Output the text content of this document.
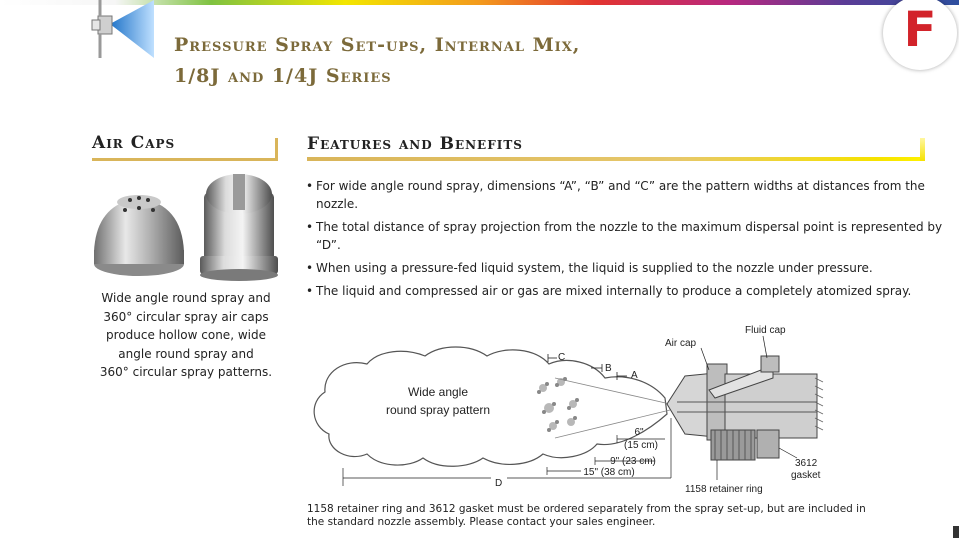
Pressure Spray Set-ups, Internal Mix,
1/8J and 1/4J Series
F
Air Caps
Wide angle round spray and
360° circular spray air caps
produce hollow cone, wide
angle round spray and
360° circular spray patterns.
Features and Benefits
• For wide angle round spray, dimensions “A”, “B” and “C” are the pattern widths at distances from the nozzle.
• The total distance of spray projection from the nozzle to the maximum dispersal point is represented by “D”.
• When using a pressure-fed liquid system, the liquid is supplied to the nozzle under pressure.
• The liquid and compressed air or gas are mixed internally to produce a completely atomized spray.
Wide angle
round spray pattern
C
B
A
Air cap
Fluid cap
1158 retainer ring
3612
gasket
6"
(15 cm)
9" (23 cm)
15" (38 cm)
D
1158 retainer ring and 3612 gasket must be ordered separately from the spray set-up, but are included in
the standard nozzle assembly. Please contact your sales engineer.
